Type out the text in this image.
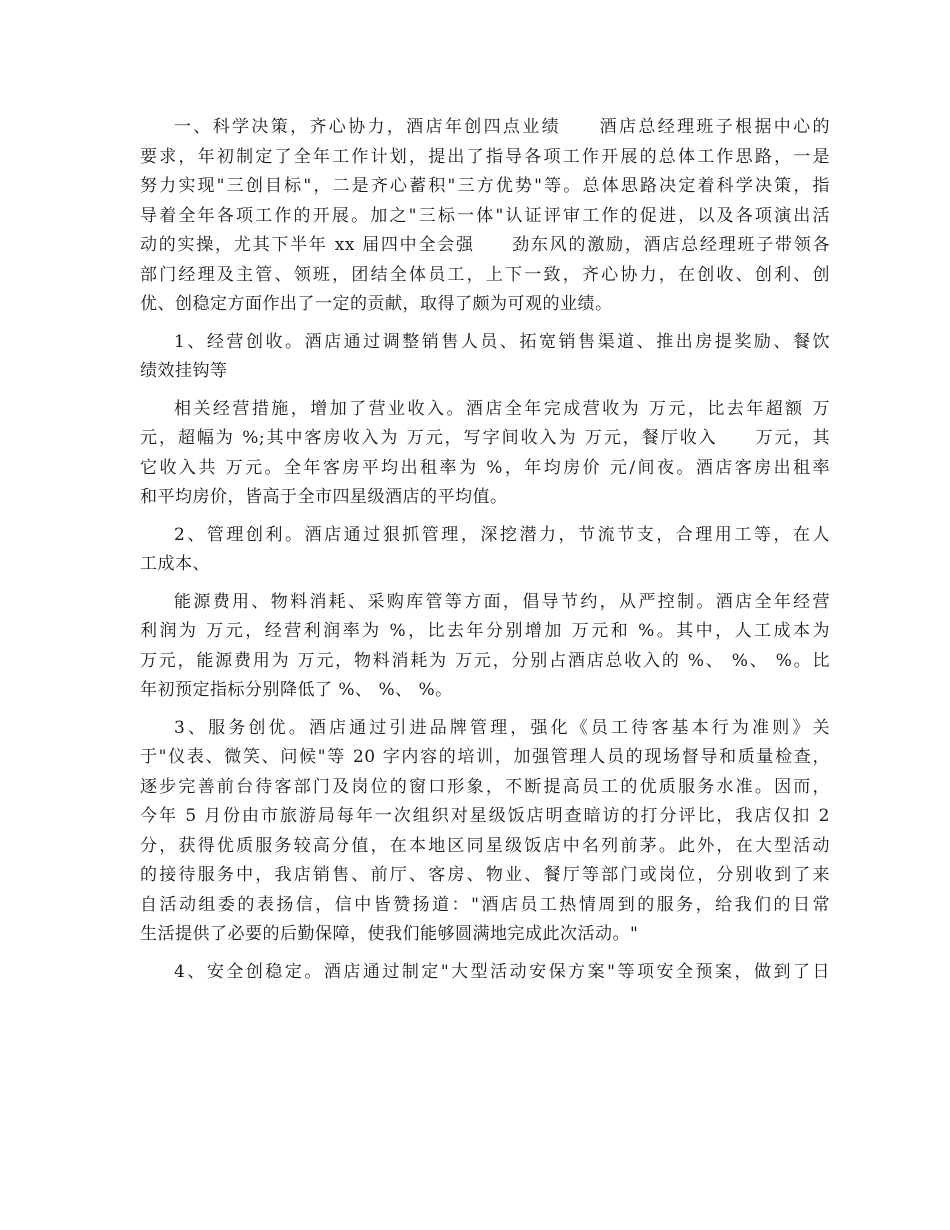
一、科学决策，齐心协力，酒店年创四点业绩　　酒店总经理班子根据中心的
要求，年初制定了全年工作计划，提出了指导各项工作开展的总体工作思路，一是
努力实现"三创目标"，二是齐心蓄积"三方优势"等。总体思路决定着科学决策，指
导着全年各项工作的开展。加之"三标一体"认证评审工作的促进，以及各项演出活
动的实操，尤其下半年 xx 届四中全会强　　劲东风的激励，酒店总经理班子带领各
部门经理及主管、领班，团结全体员工，上下一致，齐心协力，在创收、创利、创
优、创稳定方面作出了一定的贡献，取得了颇为可观的业绩。
1、经营创收。酒店通过调整销售人员、拓宽销售渠道、推出房提奖励、餐饮
绩效挂钩等
相关经营措施，增加了营业收入。酒店全年完成营收为 万元，比去年超额 万
元，超幅为 %;其中客房收入为 万元，写字间收入为 万元，餐厅收入　　万元，其
它收入共 万元。全年客房平均出租率为 %，年均房价 元/间夜。酒店客房出租率
和平均房价，皆高于全市四星级酒店的平均值。
2、管理创利。酒店通过狠抓管理，深挖潜力，节流节支，合理用工等，在人
工成本、
能源费用、物料消耗、采购库管等方面，倡导节约，从严控制。酒店全年经营
利润为 万元，经营利润率为 %，比去年分别增加 万元和 %。其中，人工成本为
万元，能源费用为 万元，物料消耗为 万元，分别占酒店总收入的 %、 %、 %。比
年初预定指标分别降低了 %、 %、 %。
3、服务创优。酒店通过引进品牌管理，强化《员工待客基本行为准则》关
于"仪表、微笑、问候"等 20 字内容的培训，加强管理人员的现场督导和质量检查，
逐步完善前台待客部门及岗位的窗口形象，不断提高员工的优质服务水准。因而，
今年 5 月份由市旅游局每年一次组织对星级饭店明查暗访的打分评比，我店仅扣 2
分，获得优质服务较高分值，在本地区同星级饭店中名列前茅。此外，在大型活动
的接待服务中，我店销售、前厅、客房、物业、餐厅等部门或岗位，分别收到了来
自活动组委的表扬信，信中皆赞扬道："酒店员工热情周到的服务，给我们的日常
生活提供了必要的后勤保障，使我们能够圆满地完成此次活动。"
4、安全创稳定。酒店通过制定"大型活动安保方案"等项安全预案，做到了日
